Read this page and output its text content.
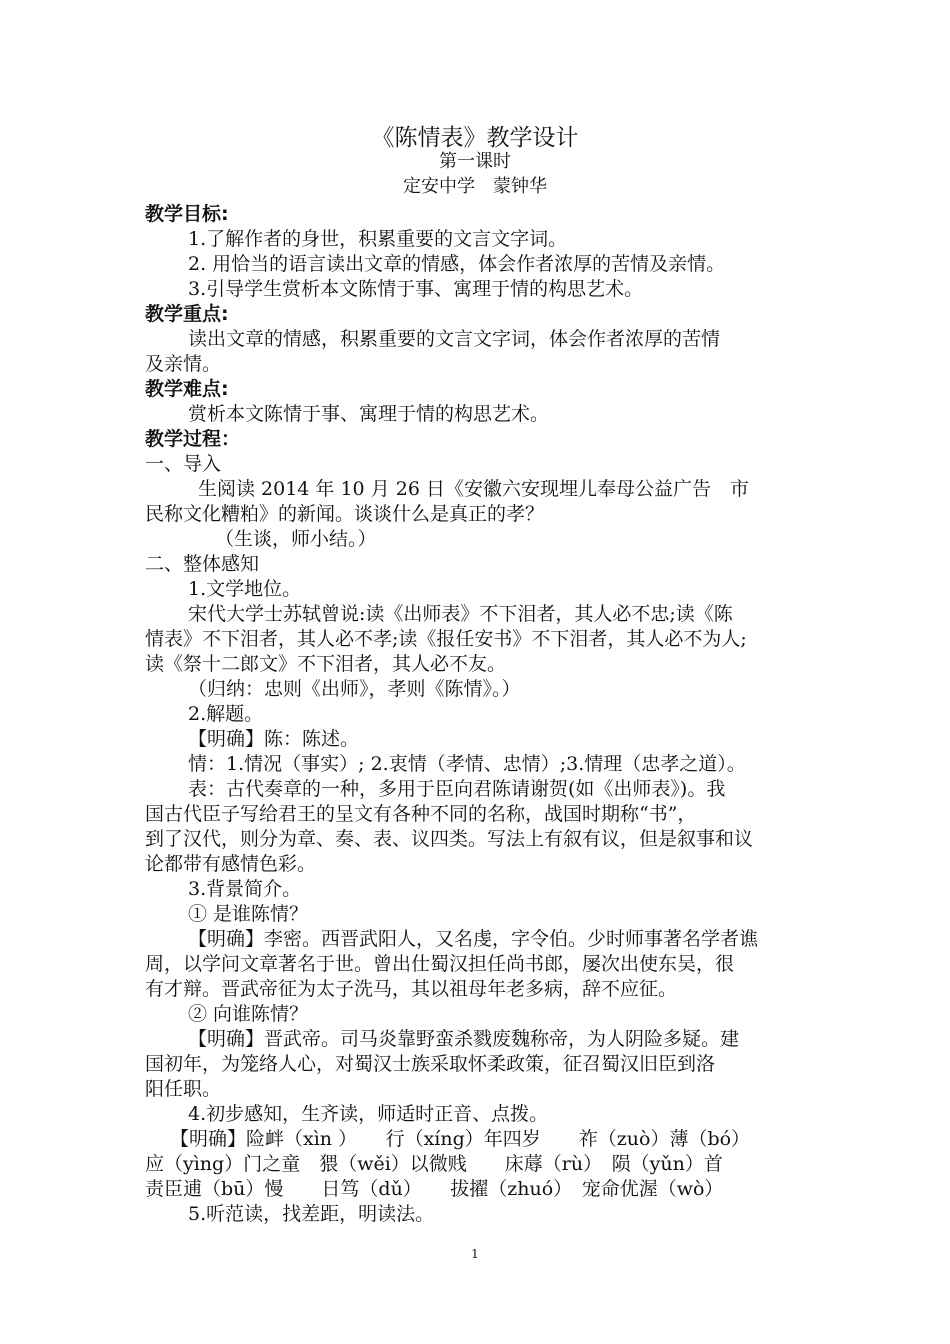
《陈情表》教学设计
第一课时
定安中学　蒙钟华
教学目标:
1.了解作者的身世，积累重要的文言文字词。
2. 用恰当的语言读出文章的情感，体会作者浓厚的苦情及亲情。
3.引导学生赏析本文陈情于事、寓理于情的构思艺术。
教学重点:
读出文章的情感，积累重要的文言文字词，体会作者浓厚的苦情
及亲情。
教学难点:
赏析本文陈情于事、寓理于情的构思艺术。
教学过程：
一、导入
生阅读 2014 年 10 月 26 日《安徽六安现埋儿奉母公益广告　市
民称文化糟粕》的新闻。谈谈什么是真正的孝？
（生谈，师小结。）
二、整体感知
1.文学地位。
宋代大学士苏轼曾说:读《出师表》不下泪者，其人必不忠;读《陈
情表》不下泪者，其人必不孝;读《报任安书》不下泪者，其人必不为人;
读《祭十二郎文》不下泪者，其人必不友。
（归纳：忠则《出师》，孝则《陈情》。）
2.解题。
【明确】陈：陈述。
情：1.情况（事实）; 2.衷情（孝情、忠情）;3.情理（忠孝之道）。
表：古代奏章的一种，多用于臣向君陈请谢贺(如《出师表》)。我
国古代臣子写给君王的呈文有各种不同的名称，战国时期称“书”，
到了汉代，则分为章、奏、表、议四类。写法上有叙有议，但是叙事和议
论都带有感情色彩。
3.背景简介。
① 是谁陈情？
【明确】李密。西晋武阳人，又名虔，字令伯。少时师事著名学者谯
周，以学问文章著名于世。曾出仕蜀汉担任尚书郎，屡次出使东吴，很
有才辩。晋武帝征为太子洗马，其以祖母年老多病，辞不应征。
② 向谁陈情？
【明确】晋武帝。司马炎靠野蛮杀戮废魏称帝，为人阴险多疑。建
国初年，为笼络人心，对蜀汉士族采取怀柔政策，征召蜀汉旧臣到洛
阳任职。
4.初步感知，生齐读，师适时正音、点拨。
【明确】险衅（xìn ）　　行（xíng）年四岁　　祚（zuò）薄（bó）
应（yìng）门之童　猥（wěi）以微贱　　床蓐（rù）　陨（yǔn）首
责臣逋（bū）慢　　日笃（dǔ）　　拔擢（zhuó）　宠命优渥（wò）
5.听范读，找差距，明读法。
1
